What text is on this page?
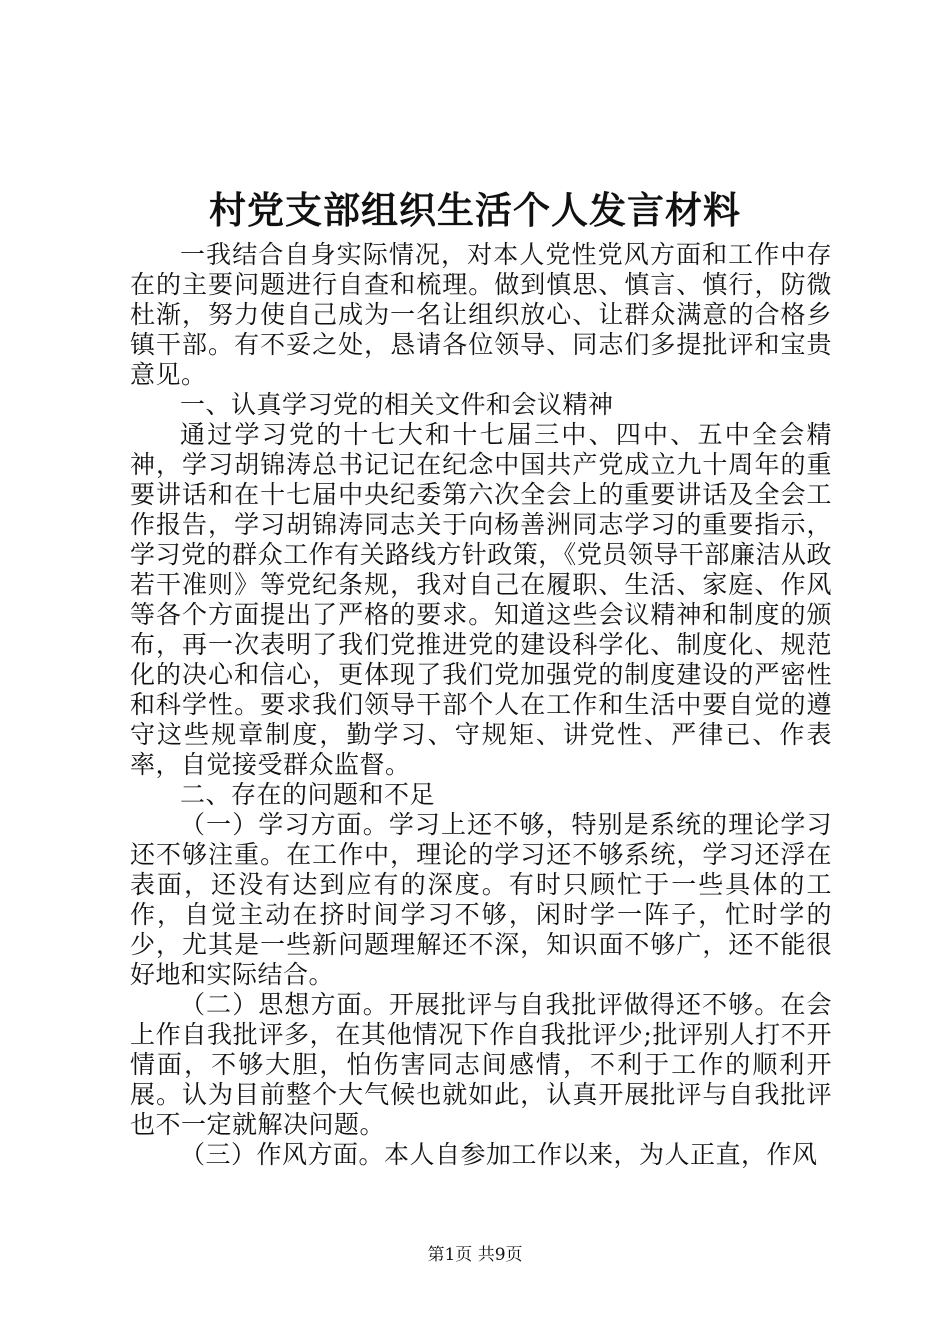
村党支部组织生活个人发言材料

一我结合自身实际情况，对本人党性党风方面和工作中存在的主要问题进行自查和梳理。做到慎思、慎言、慎行，防微杜渐，努力使自己成为一名让组织放心、让群众满意的合格乡镇干部。有不妥之处，恳请各位领导、同志们多提批评和宝贵意见。

一、认真学习党的相关文件和会议精神

通过学习党的十七大和十七届三中、四中、五中全会精神，学习胡锦涛总书记记在纪念中国共产党成立九十周年的重要讲话和在十七届中央纪委第六次全会上的重要讲话及全会工作报告，学习胡锦涛同志关于向杨善洲同志学习的重要指示，学习党的群众工作有关路线方针政策，《党员领导干部廉洁从政若干准则》等党纪条规，我对自己在履职、生活、家庭、作风等各个方面提出了严格的要求。知道这些会议精神和制度的颁布，再一次表明了我们党推进党的建设科学化、制度化、规范化的决心和信心，更体现了我们党加强党的制度建设的严密性和科学性。要求我们领导干部个人在工作和生活中要自觉的遵守这些规章制度，勤学习、守规矩、讲党性、严律已、作表率，自觉接受群众监督。

二、存在的问题和不足

（一）学习方面。学习上还不够，特别是系统的理论学习还不够注重。在工作中，理论的学习还不够系统，学习还浮在表面，还没有达到应有的深度。有时只顾忙于一些具体的工作，自觉主动在挤时间学习不够，闲时学一阵子，忙时学的少，尤其是一些新问题理解还不深，知识面不够广，还不能很好地和实际结合。

（二）思想方面。开展批评与自我批评做得还不够。在会上作自我批评多，在其他情况下作自我批评少;批评别人打不开情面，不够大胆，怕伤害同志间感情，不利于工作的顺利开展。认为目前整个大气候也就如此，认真开展批评与自我批评也不一定就解决问题。

（三）作风方面。本人自参加工作以来，为人正直，作风

第1页 共9页
